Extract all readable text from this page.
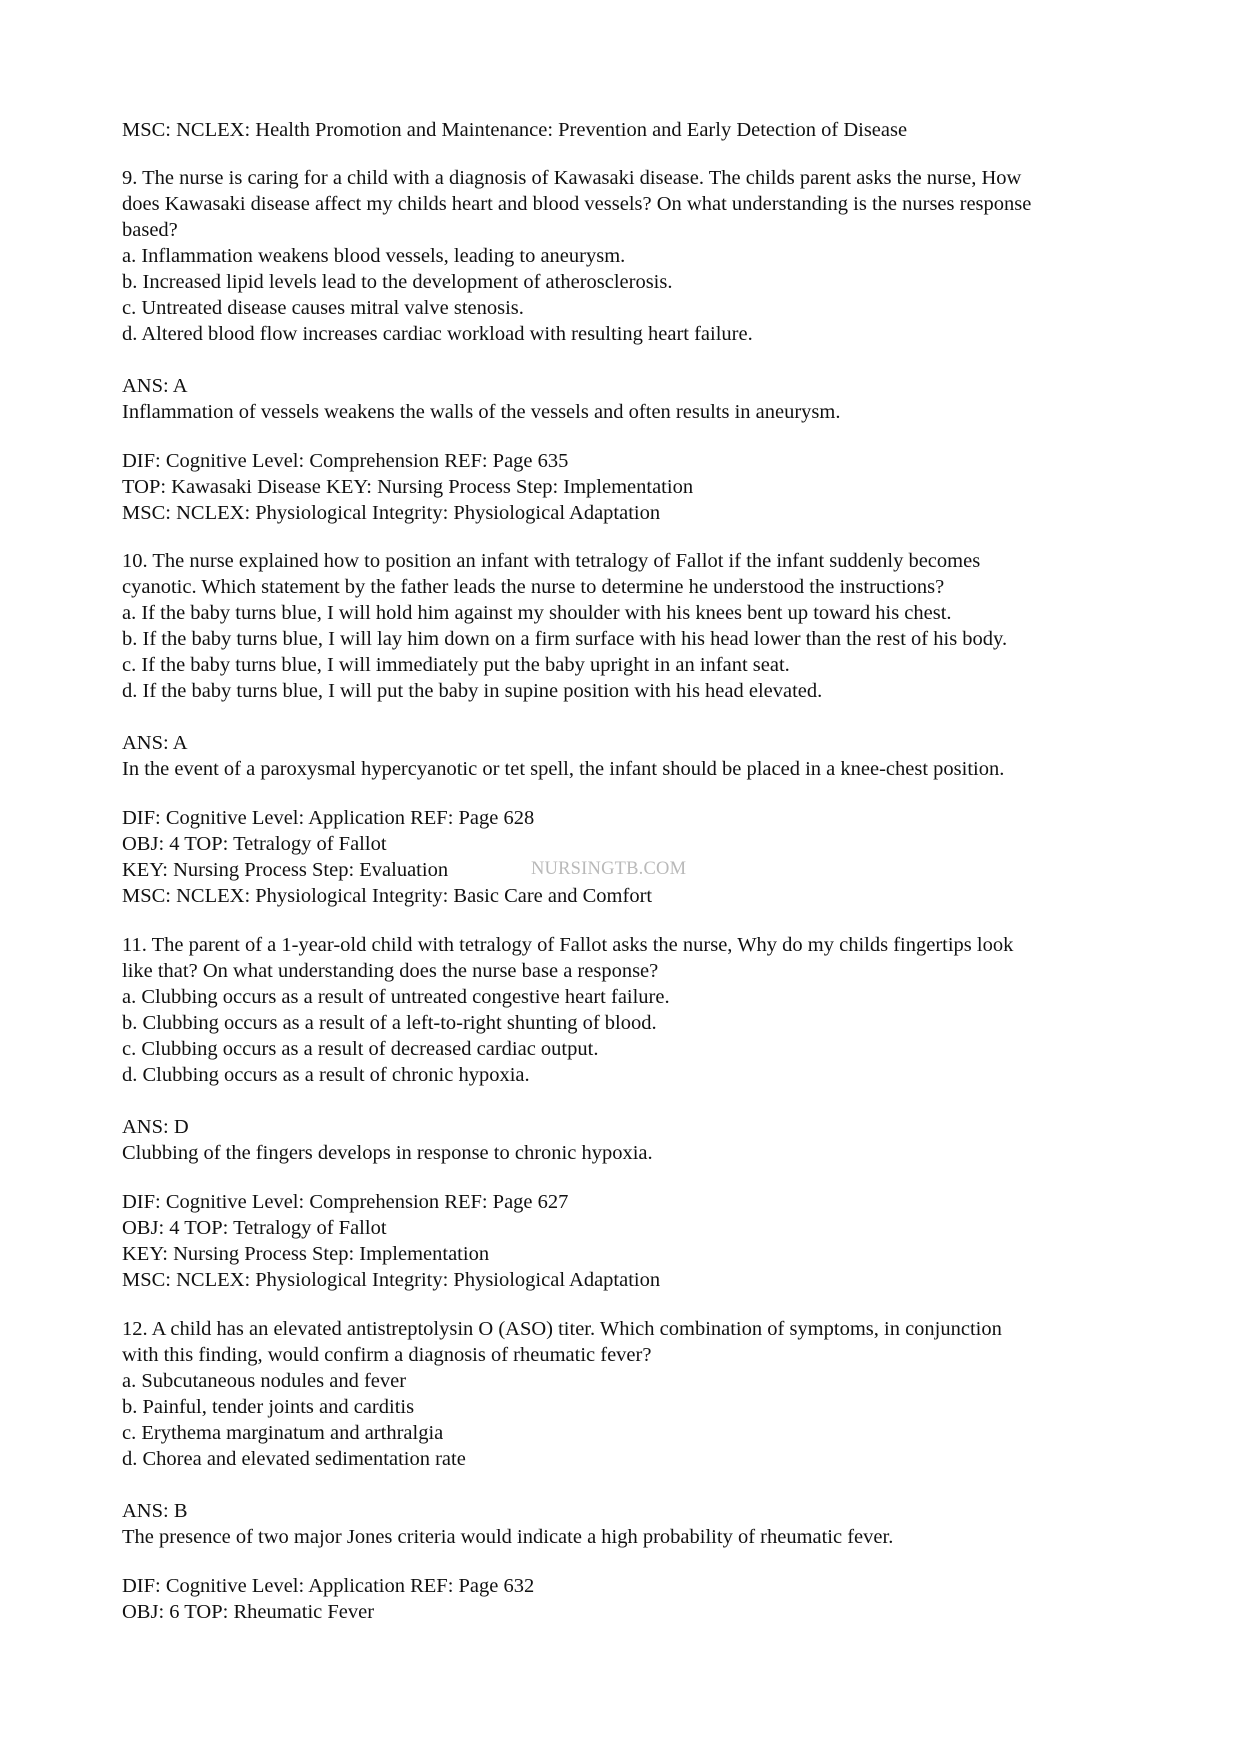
MSC: NCLEX: Health Promotion and Maintenance: Prevention and Early Detection of Disease
9. The nurse is caring for a child with a diagnosis of Kawasaki disease. The childs parent asks the nurse, How
does Kawasaki disease affect my childs heart and blood vessels? On what understanding is the nurses response
based?
a. Inflammation weakens blood vessels, leading to aneurysm.
b. Increased lipid levels lead to the development of atherosclerosis.
c. Untreated disease causes mitral valve stenosis.
d. Altered blood flow increases cardiac workload with resulting heart failure.
ANS: A
Inflammation of vessels weakens the walls of the vessels and often results in aneurysm.
DIF: Cognitive Level: Comprehension REF: Page 635
TOP: Kawasaki Disease KEY: Nursing Process Step: Implementation
MSC: NCLEX: Physiological Integrity: Physiological Adaptation
10. The nurse explained how to position an infant with tetralogy of Fallot if the infant suddenly becomes
cyanotic. Which statement by the father leads the nurse to determine he understood the instructions?
a. If the baby turns blue, I will hold him against my shoulder with his knees bent up toward his chest.
b. If the baby turns blue, I will lay him down on a firm surface with his head lower than the rest of his body.
c. If the baby turns blue, I will immediately put the baby upright in an infant seat.
d. If the baby turns blue, I will put the baby in supine position with his head elevated.
ANS: A
In the event of a paroxysmal hypercyanotic or tet spell, the infant should be placed in a knee-chest position.
DIF: Cognitive Level: Application REF: Page 628
OBJ: 4 TOP: Tetralogy of Fallot
KEY: Nursing Process Step: Evaluation	NURSINGTB.COM
MSC: NCLEX: Physiological Integrity: Basic Care and Comfort
11. The parent of a 1-year-old child with tetralogy of Fallot asks the nurse, Why do my childs fingertips look
like that? On what understanding does the nurse base a response?
a. Clubbing occurs as a result of untreated congestive heart failure.
b. Clubbing occurs as a result of a left-to-right shunting of blood.
c. Clubbing occurs as a result of decreased cardiac output.
d. Clubbing occurs as a result of chronic hypoxia.
ANS: D
Clubbing of the fingers develops in response to chronic hypoxia.
DIF: Cognitive Level: Comprehension REF: Page 627
OBJ: 4 TOP: Tetralogy of Fallot
KEY: Nursing Process Step: Implementation
MSC: NCLEX: Physiological Integrity: Physiological Adaptation
12. A child has an elevated antistreptolysin O (ASO) titer. Which combination of symptoms, in conjunction
with this finding, would confirm a diagnosis of rheumatic fever?
a. Subcutaneous nodules and fever
b. Painful, tender joints and carditis
c. Erythema marginatum and arthralgia
d. Chorea and elevated sedimentation rate
ANS: B
The presence of two major Jones criteria would indicate a high probability of rheumatic fever.
DIF: Cognitive Level: Application REF: Page 632
OBJ: 6 TOP: Rheumatic Fever
